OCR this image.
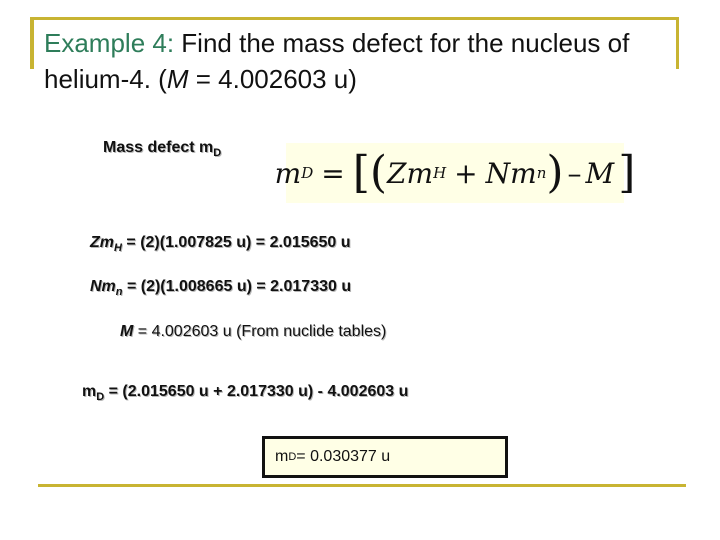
Example 4: Find the mass defect for the nucleus of
helium-4. (M = 4.002603 u)
Mass defect $m_D$
m D = [ ( Zm H + Nm n ) – M ]
$Zm_H = (2)(1.007825$ u) = 2.015650 u
$Nm_n = (2)(1.008665$ u) = 2.017330 u
M = 4.002603 u (From nuclide tables)
$m_D = (2.015650$ u + 2.017330 u) - 4.002603 u
m D = 0.030377 u
